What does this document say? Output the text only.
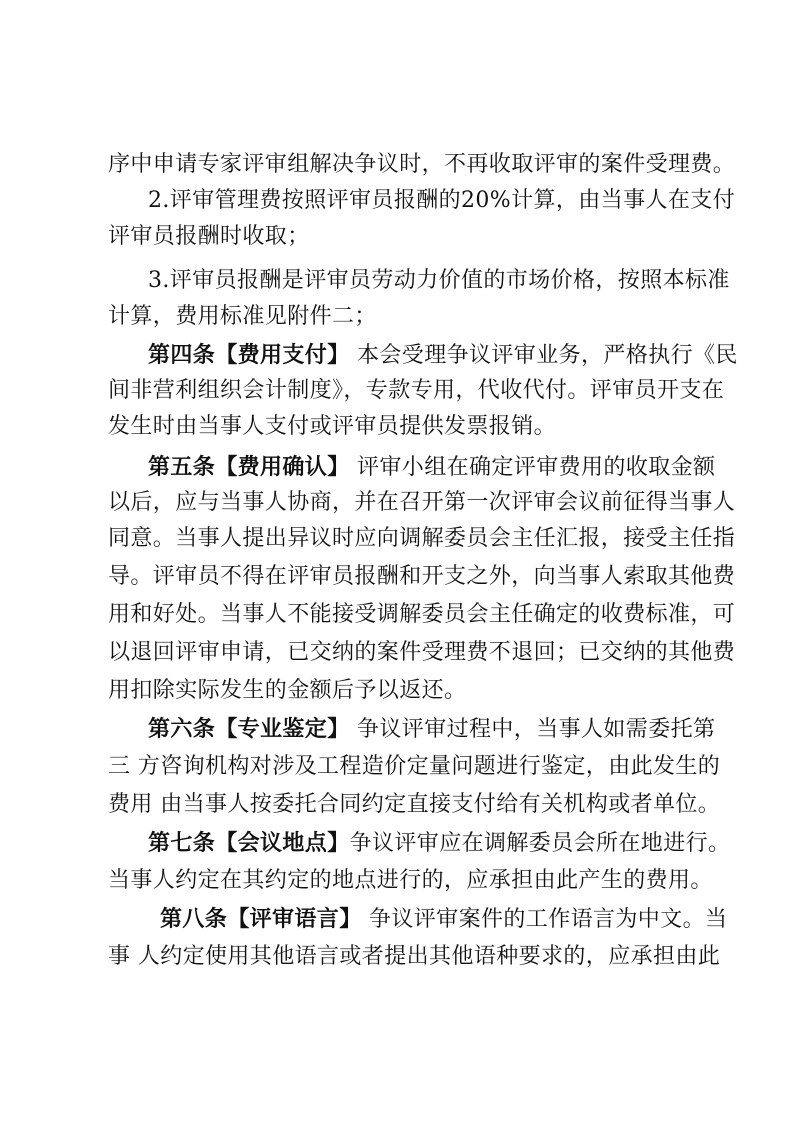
序中申请专家评审组解决争议时，不再收取评审的案件受理费。
2.评审管理费按照评审员报酬的20%计算，由当事人在支付
评审员报酬时收取；
3.评审员报酬是评审员劳动力价值的市场价格，按照本标准
计算，费用标准见附件二；
第四条【费用支付】 本会受理争议评审业务，严格执行《民
间非营利组织会计制度》，专款专用，代收代付。评审员开支在
发生时由当事人支付或评审员提供发票报销。
第五条【费用确认】 评审小组在确定评审费用的收取金额
以后，应与当事人协商，并在召开第一次评审会议前征得当事人
同意。当事人提出异议时应向调解委员会主任汇报，接受主任指
导。评审员不得在评审员报酬和开支之外，向当事人索取其他费
用和好处。当事人不能接受调解委员会主任确定的收费标准，可
以退回评审申请，已交纳的案件受理费不退回；已交纳的其他费
用扣除实际发生的金额后予以返还。
第六条【专业鉴定】 争议评审过程中，当事人如需委托第
三 方咨询机构对涉及工程造价定量问题进行鉴定，由此发生的
费用 由当事人按委托合同约定直接支付给有关机构或者单位。
第七条【会议地点】争议评审应在调解委员会所在地进行。
当事人约定在其约定的地点进行的，应承担由此产生的费用。
第八条【评审语言】 争议评审案件的工作语言为中文。当
事 人约定使用其他语言或者提出其他语种要求的，应承担由此
